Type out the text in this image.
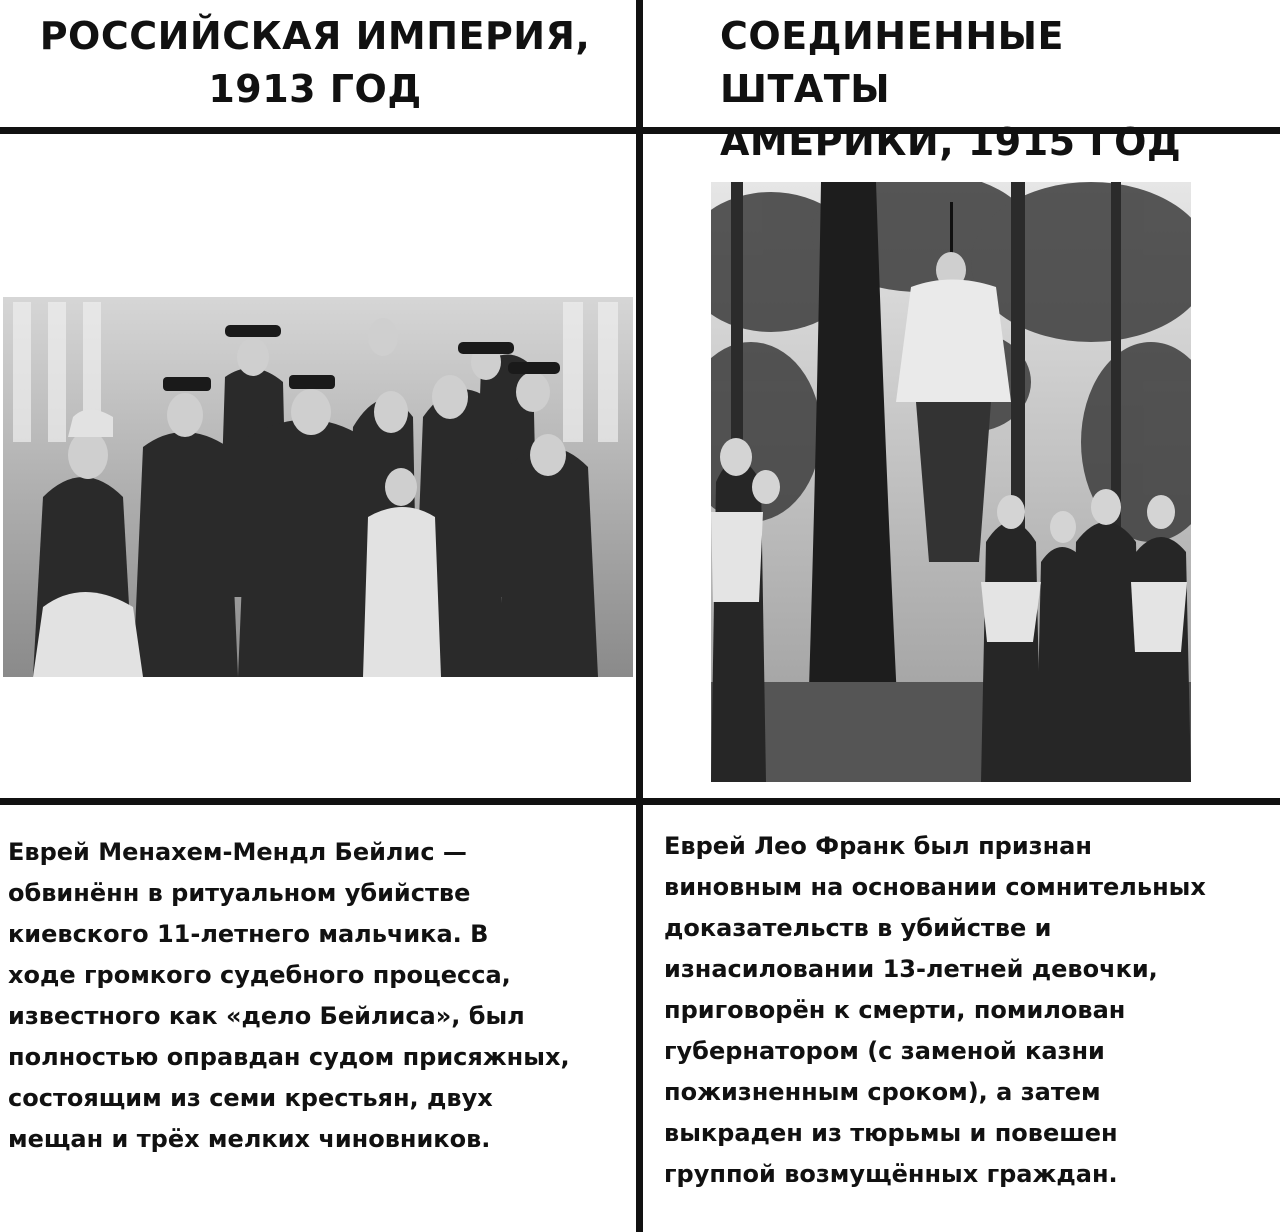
РОССИЙСКАЯ ИМПЕРИЯ,
1913 ГОД
СОЕДИНЕННЫЕ ШТАТЫ
АМЕРИКИ, 1915 ГОД
Еврей Менахем-Мендл Бейлис —
обвинённ в ритуальном убийстве
киевского 11-летнего мальчика. В
ходе громкого судебного процесса,
известного как «дело Бейлиса», был
полностью оправдан судом присяжных,
состоящим из семи крестьян, двух
мещан и трёх мелких чиновников.
Еврей Лео Франк был признан
виновным на основании сомнительных
доказательств в убийстве и
изнасиловании 13-летней девочки,
приговорён к смерти, помилован
губернатором (с заменой казни
пожизненным сроком), а затем
выкраден из тюрьмы и повешен
группой возмущённых граждан.
